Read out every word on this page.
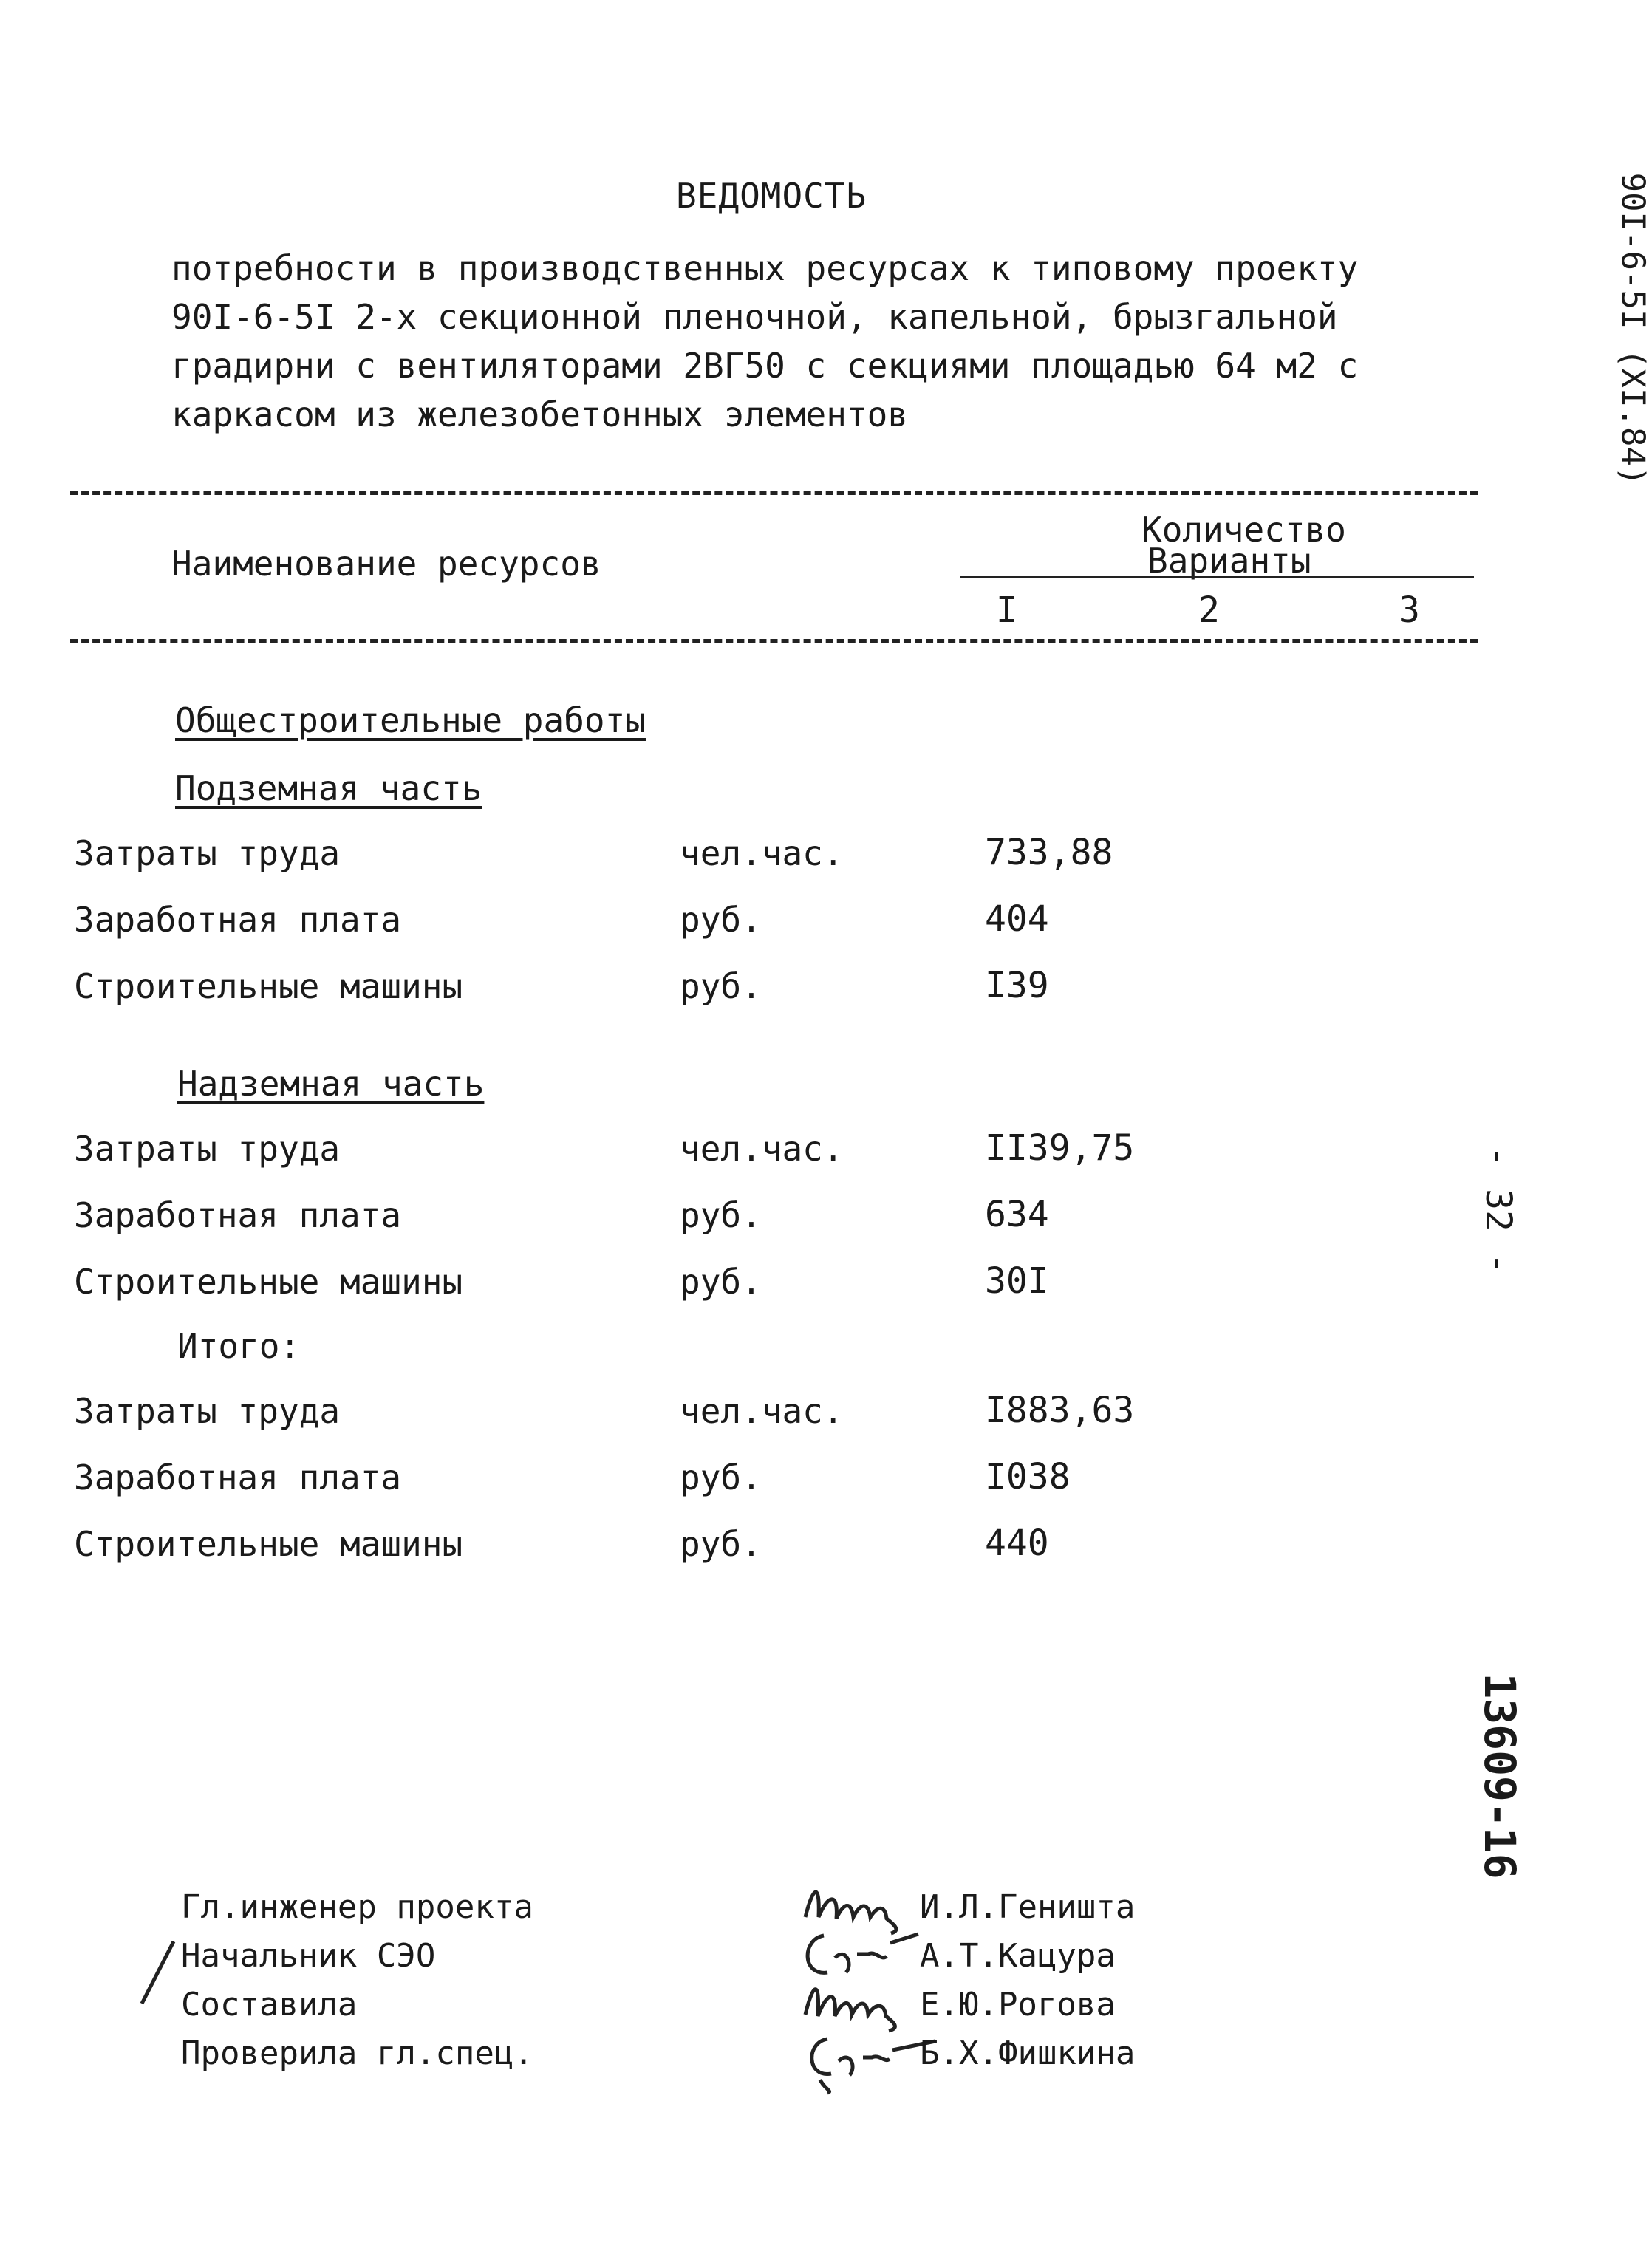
ВЕДОМОСТЬ
потребности в производственных ресурсах к типовому проекту
90I-6-5I 2-х секционной пленочной, капельной, брызгальной
градирни с вентиляторами 2ВГ50 с секциями площадью 64 м2 с
каркасом из железобетонных элементов	90I-6-5I (XI.84)
- 32 -
13609-16
Наименование ресурсов
Количество
Варианты
I	2	3
Общестроительные работы
Подземная часть
Затраты труда	чел.час.	733,88
Заработная плата	руб.	404
Строительные машины	руб.	I39
Надземная часть
Затраты труда	чел.час.	II39,75
Заработная плата	руб.	634
Строительные машины	руб.	30I
Итого:
Затраты труда	чел.час.	I883,63
Заработная плата	руб.	I038
Строительные машины	руб.	440
Гл.инженер проекта
Начальник СЭО
Составила
Проверила гл.спец.
И.Л.Геништа
А.Т.Кацура
Е.Ю.Рогова
Б.Х.Фишкина
